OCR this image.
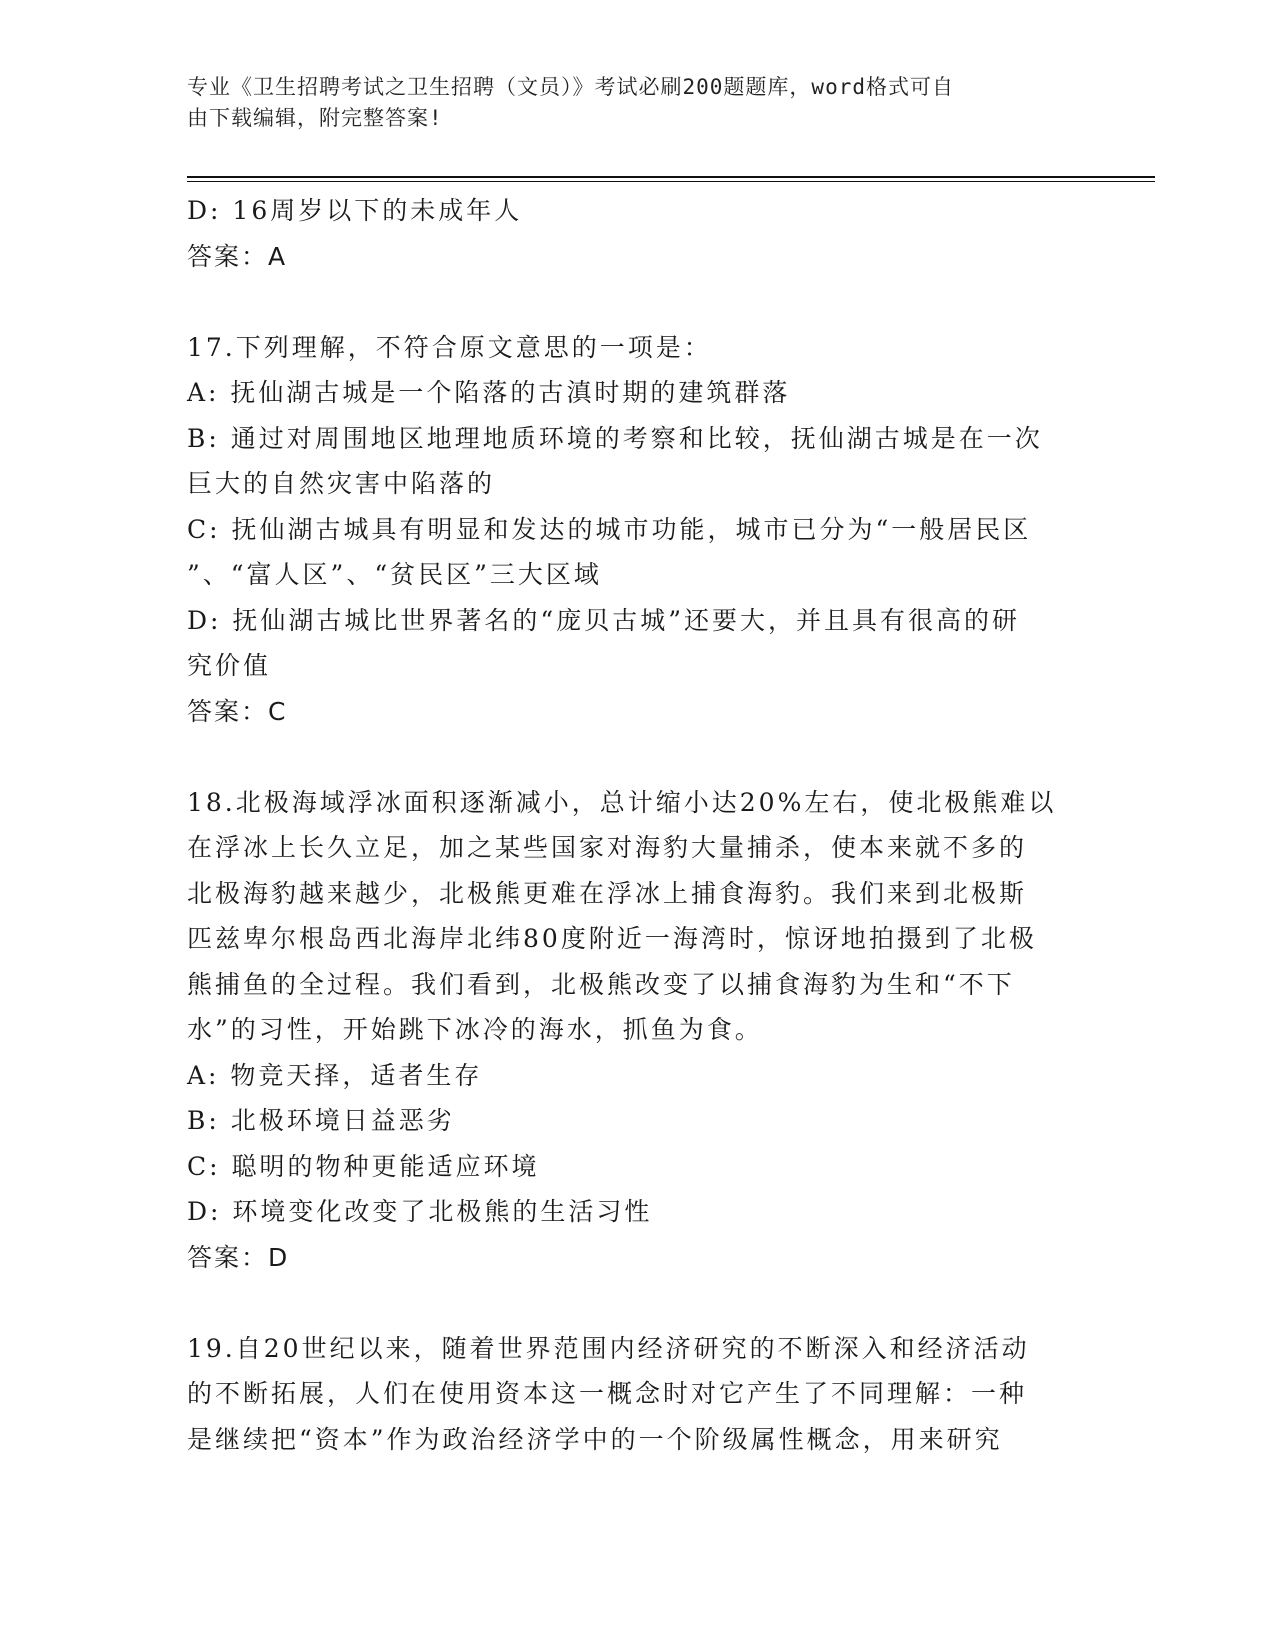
专业《卫生招聘考试之卫生招聘（文员）》考试必刷200题题库，word格式可自
由下载编辑，附完整答案!
D: 16周岁以下的未成年人
答案：A
17.下列理解，不符合原文意思的一项是：
A: 抚仙湖古城是一个陷落的古滇时期的建筑群落
B: 通过对周围地区地理地质环境的考察和比较，抚仙湖古城是在一次
巨大的自然灾害中陷落的
C: 抚仙湖古城具有明显和发达的城市功能，城市已分为“一般居民区
”、“富人区”、“贫民区”三大区域
D: 抚仙湖古城比世界著名的“庞贝古城”还要大，并且具有很高的研
究价值
答案：C
18.北极海域浮冰面积逐渐减小，总计缩小达20%左右，使北极熊难以
在浮冰上长久立足，加之某些国家对海豹大量捕杀，使本来就不多的
北极海豹越来越少，北极熊更难在浮冰上捕食海豹。我们来到北极斯
匹兹卑尔根岛西北海岸北纬80度附近一海湾时，惊讶地拍摄到了北极
熊捕鱼的全过程。我们看到，北极熊改变了以捕食海豹为生和“不下
水”的习性，开始跳下冰冷的海水，抓鱼为食。
A: 物竞天择，适者生存
B: 北极环境日益恶劣
C: 聪明的物种更能适应环境
D: 环境变化改变了北极熊的生活习性
答案：D
19.自20世纪以来，随着世界范围内经济研究的不断深入和经济活动
的不断拓展，人们在使用资本这一概念时对它产生了不同理解：一种
是继续把“资本”作为政治经济学中的一个阶级属性概念，用来研究
